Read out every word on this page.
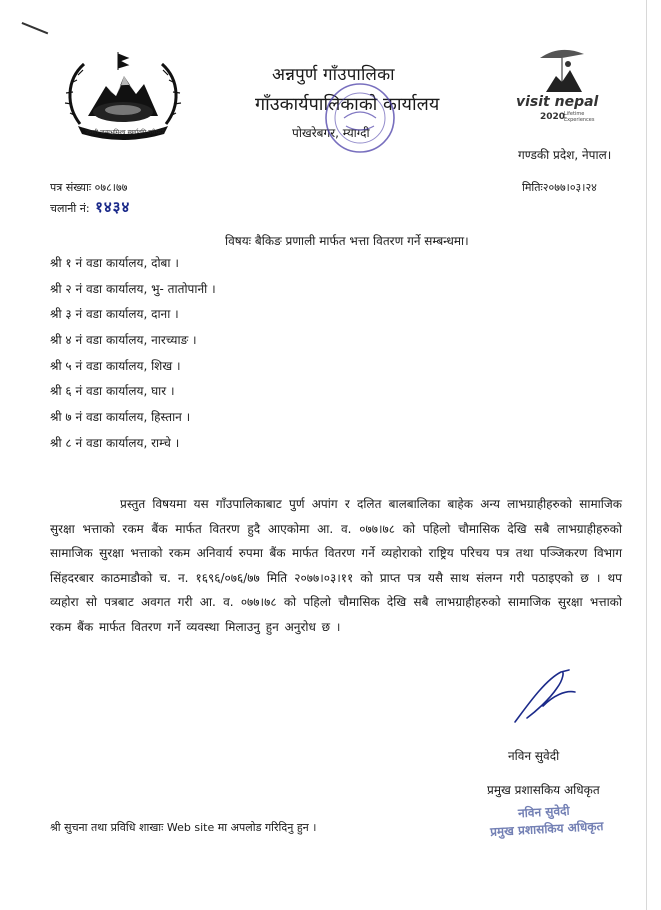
जननी जन्मभूमिश्च स्वर्गादपि गरीयसी
visit nepal
2020
Lifetime
Experiences
अन्नपुर्ण गाँउपालिका
गाँउकार्यपालिकाको कार्यालय
पोखरेबगर, म्याग्दी
गण्डकी प्रदेश, नेपाल।
पत्र संख्याः ०७८।७७
चलानी नं: १४३४
मितिः२०७७।०३।२४
विषयः बैकिङ प्रणाली मार्फत भत्ता वितरण गर्ने सम्बन्धमा।
श्री १ नं वडा कार्यालय, दोबा ।
श्री २ नं वडा कार्यालय, भु- तातोपानी ।
श्री ३ नं वडा कार्यालय, दाना ।
श्री ४ नं वडा कार्यालय, नारच्याङ ।
श्री ५ नं वडा कार्यालय, शिख ।
श्री ६ नं वडा कार्यालय, घार ।
श्री ७ नं वडा कार्यालय, हिस्तान ।
श्री ८ नं वडा कार्यालय, राम्चे ।
प्रस्तुत विषयमा यस गाँउपालिकाबाट पुर्ण अपांग र दलित बालबालिका बाहेक अन्य लाभग्राहीहरुको सामाजिक सुरक्षा भत्ताको रकम बैंक मार्फत वितरण हुदै आएकोमा आ. व. ०७७।७८ को पहिलो चौमासिक देखि सबै लाभग्राहीहरुको सामाजिक सुरक्षा भत्ताको रकम अनिवार्य रुपमा बैंक मार्फत वितरण गर्ने व्यहोराको राष्ट्रिय परिचय पत्र तथा पञ्जिकरण विभाग सिंहदरबार काठमाडौको च. न. १६९६/०७६/७७ मिति २०७७।०३।११ को प्राप्त पत्र यसै साथ संलग्न गरी पठाइएको छ । थप व्यहोरा सो पत्रबाट अवगत गरी आ. व. ०७७।७८ को पहिलो चौमासिक देखि सबै लाभग्राहीहरुको सामाजिक सुरक्षा भत्ताको रकम बैंक मार्फत वितरण गर्ने व्यवस्था मिलाउनु हुन अनुरोध छ ।
नविन सुवेदी
प्रमुख प्रशासकिय अधिकृत
नविन सुवेदी
प्रमुख प्रशासकिय अधिकृत
श्री सुचना तथा प्रविधि शाखाः Web site मा अपलोड गरिदिनु हुन ।
